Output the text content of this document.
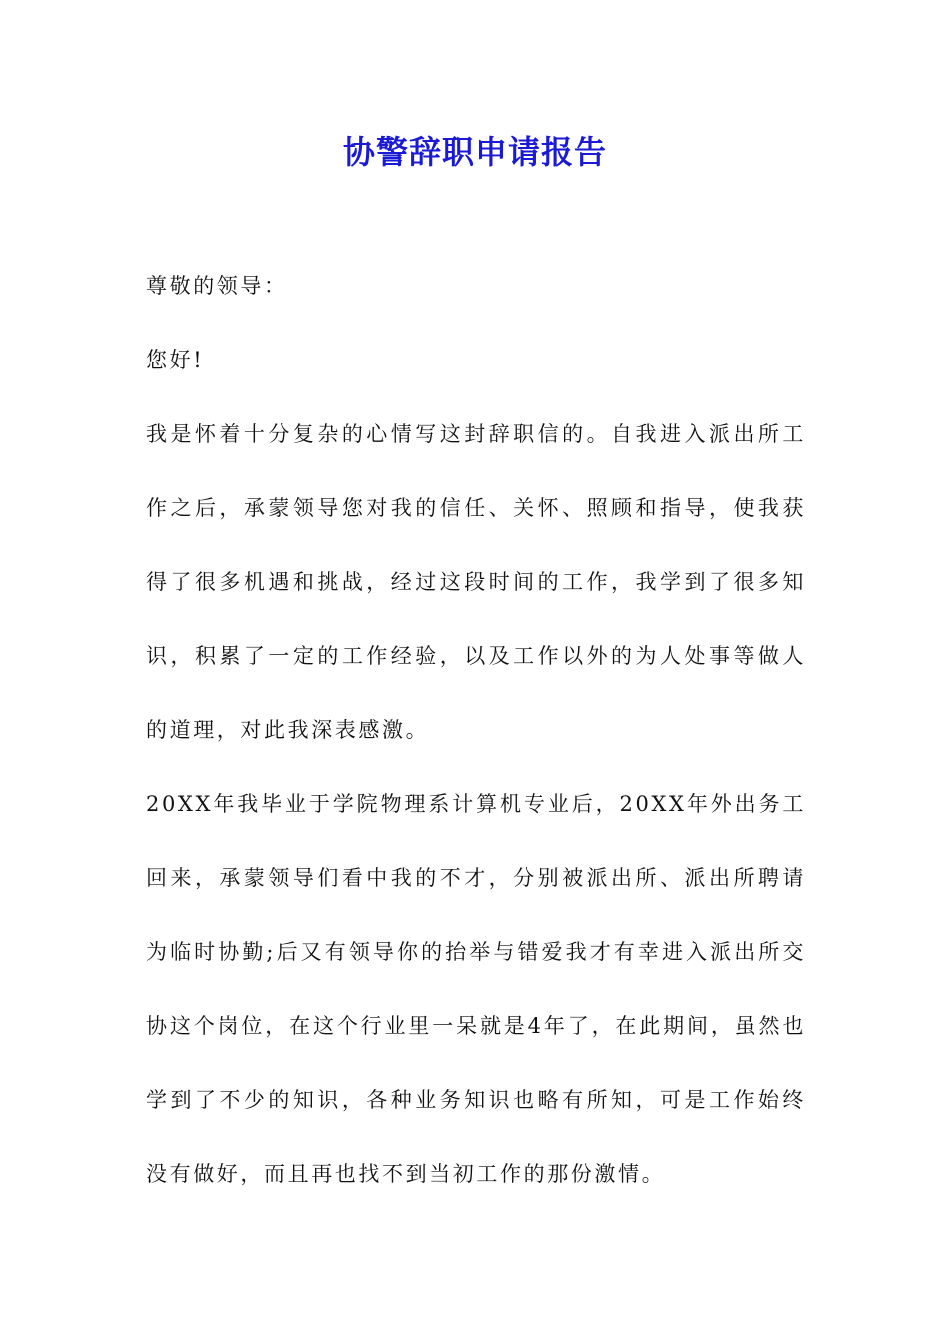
协警辞职申请报告

尊敬的领导：

您好!

我是怀着十分复杂的心情写这封辞职信的。自我进入派出所工作之后，承蒙领导您对我的信任、关怀、照顾和指导，使我获得了很多机遇和挑战，经过这段时间的工作，我学到了很多知识，积累了一定的工作经验，以及工作以外的为人处事等做人的道理，对此我深表感激。

20XX年我毕业于学院物理系计算机专业后，20XX年外出务工回来，承蒙领导们看中我的不才，分别被派出所、派出所聘请为临时协勤;后又有领导你的抬举与错爱我才有幸进入派出所交协这个岗位，在这个行业里一呆就是4年了，在此期间，虽然也学到了不少的知识，各种业务知识也略有所知，可是工作始终没有做好，而且再也找不到当初工作的那份激情。
